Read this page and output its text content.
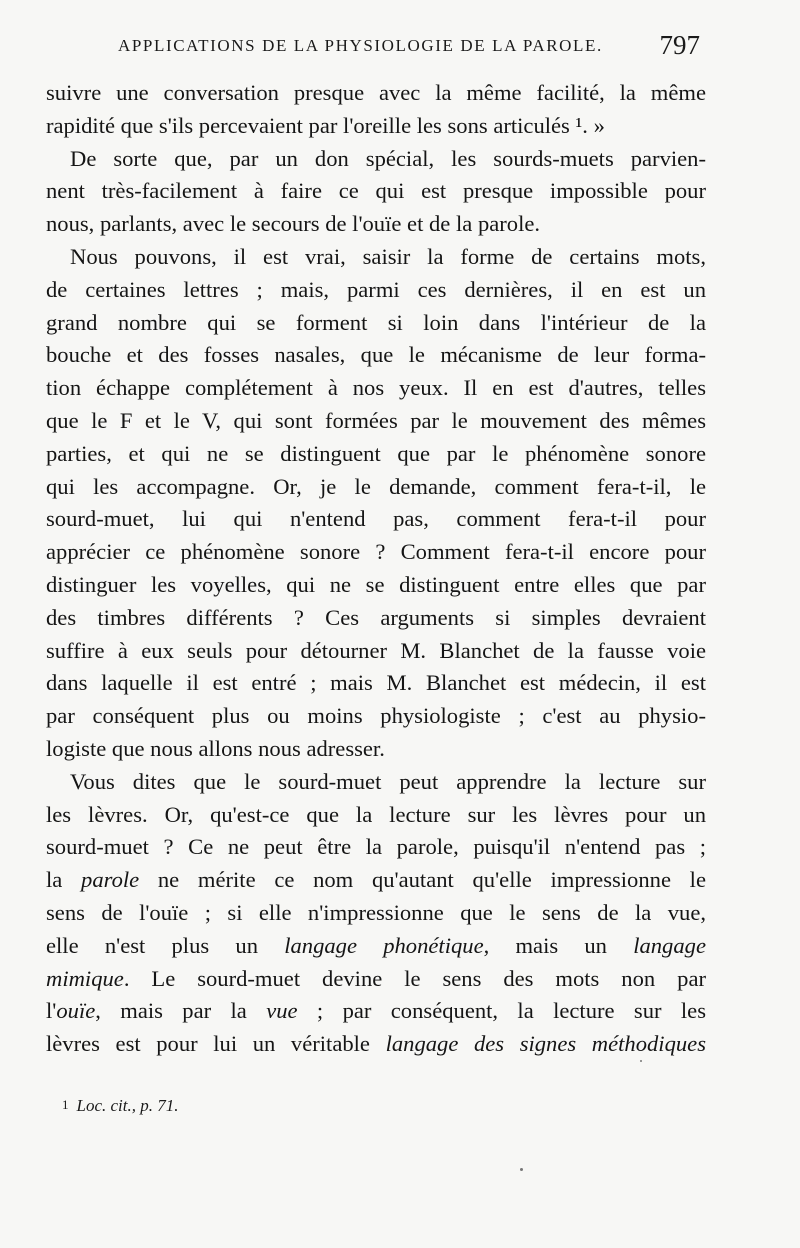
APPLICATIONS DE LA PHYSIOLOGIE DE LA PAROLE. 797
suivre une conversation presque avec la même facilité, la même
rapidité que s'ils percevaient par l'oreille les sons articulés ¹. »
De sorte que, par un don spécial, les sourds-muets parvien-
nent très-facilement à faire ce qui est presque impossible pour
nous, parlants, avec le secours de l'ouïe et de la parole.
Nous pouvons, il est vrai, saisir la forme de certains mots,
de certaines lettres ; mais, parmi ces dernières, il en est un
grand nombre qui se forment si loin dans l'intérieur de la
bouche et des fosses nasales, que le mécanisme de leur forma-
tion échappe complétement à nos yeux. Il en est d'autres, telles
que le F et le V, qui sont formées par le mouvement des mêmes
parties, et qui ne se distinguent que par le phénomène sonore
qui les accompagne. Or, je le demande, comment fera-t-il, le
sourd-muet, lui qui n'entend pas, comment fera-t-il pour
apprécier ce phénomène sonore ? Comment fera-t-il encore pour
distinguer les voyelles, qui ne se distinguent entre elles que par
des timbres différents ? Ces arguments si simples devraient
suffire à eux seuls pour détourner M. Blanchet de la fausse voie
dans laquelle il est entré ; mais M. Blanchet est médecin, il est
par conséquent plus ou moins physiologiste ; c'est au physio-
logiste que nous allons nous adresser.
Vous dites que le sourd-muet peut apprendre la lecture sur
les lèvres. Or, qu'est-ce que la lecture sur les lèvres pour un
sourd-muet ? Ce ne peut être la parole, puisqu'il n'entend pas ;
la parole ne mérite ce nom qu'autant qu'elle impressionne le
sens de l'ouïe ; si elle n'impressionne que le sens de la vue,
elle n'est plus un langage phonétique, mais un langage
mimique. Le sourd-muet devine le sens des mots non par
l'ouïe, mais par la vue ; par conséquent, la lecture sur les
lèvres est pour lui un véritable langage des signes méthodiques
1 Loc. cit., p. 71.
